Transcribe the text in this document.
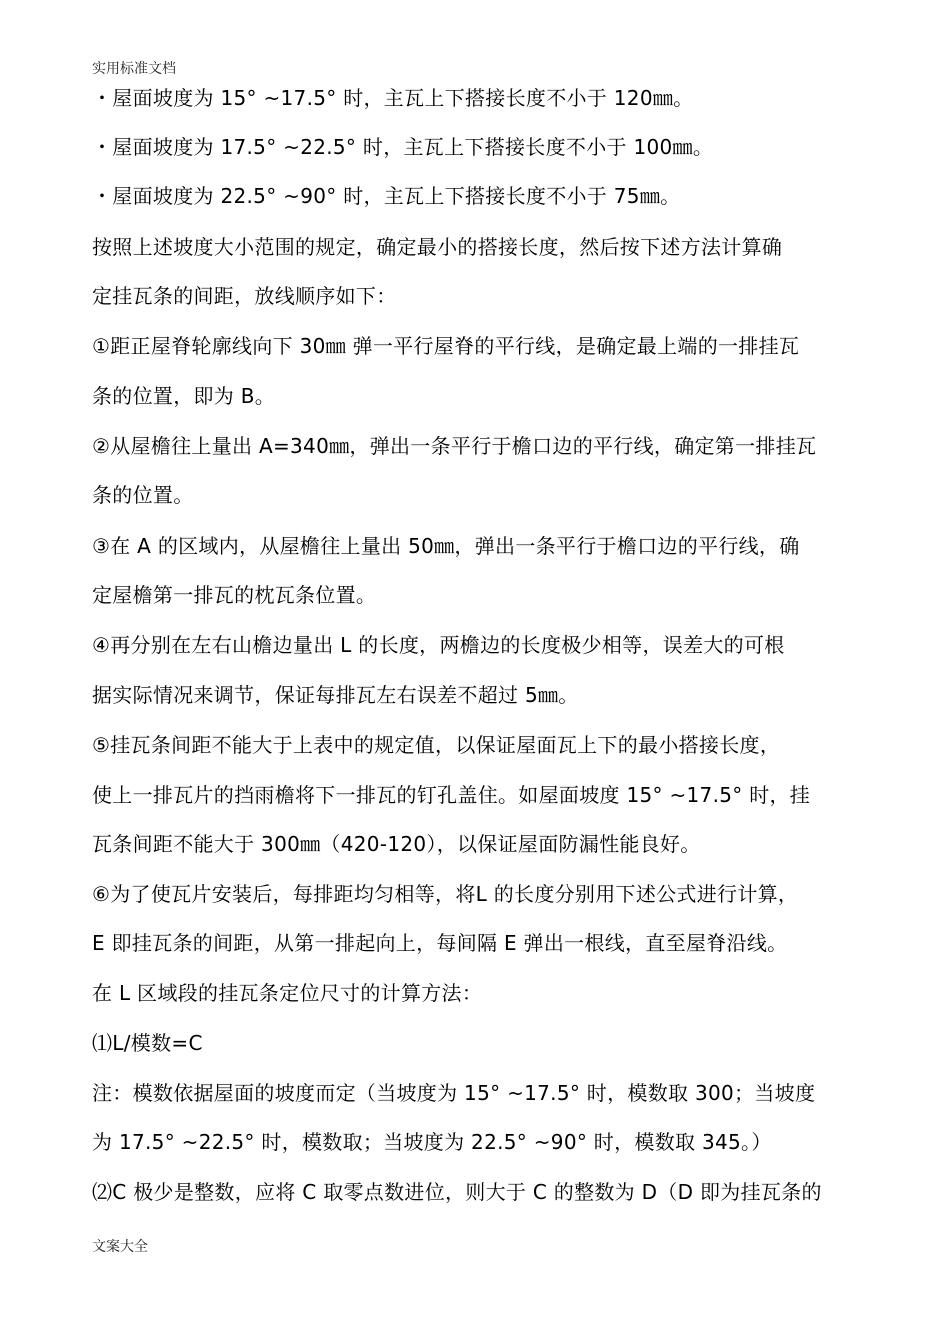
实用标准文档
・屋面坡度为 15° ~17.5° 时，主瓦上下搭接长度不小于 120㎜。
・屋面坡度为 17.5° ~22.5° 时，主瓦上下搭接长度不小于 100㎜。
・屋面坡度为 22.5° ~90° 时，主瓦上下搭接长度不小于 75㎜。
按照上述坡度大小范围的规定，确定最小的搭接长度，然后按下述方法计算确
定挂瓦条的间距，放线顺序如下：
①距正屋脊轮廓线向下 30㎜ 弹一平行屋脊的平行线，是确定最上端的一排挂瓦
条的位置，即为 B。
②从屋檐往上量出 A=340㎜，弹出一条平行于檐口边的平行线，确定第一排挂瓦
条的位置。
③在 A 的区域内，从屋檐往上量出 50㎜，弹出一条平行于檐口边的平行线，确
定屋檐第一排瓦的枕瓦条位置。
④再分别在左右山檐边量出 L 的长度，两檐边的长度极少相等，误差大的可根
据实际情况来调节，保证每排瓦左右误差不超过 5㎜。
⑤挂瓦条间距不能大于上表中的规定值，以保证屋面瓦上下的最小搭接长度，
使上一排瓦片的挡雨檐将下一排瓦的钉孔盖住。如屋面坡度 15° ~17.5° 时，挂
瓦条间距不能大于 300㎜（420-120），以保证屋面防漏性能良好。
⑥为了使瓦片安装后，每排距均匀相等，将L 的长度分别用下述公式进行计算，
E 即挂瓦条的间距，从第一排起向上，每间隔 E 弹出一根线，直至屋脊沿线。
在 L 区域段的挂瓦条定位尺寸的计算方法：
⑴L/模数=C
注：模数依据屋面的坡度而定（当坡度为 15° ~17.5° 时，模数取 300；当坡度
为 17.5° ~22.5° 时，模数取；当坡度为 22.5° ~90° 时，模数取 345。）
⑵C 极少是整数，应将 C 取零点数进位，则大于 C 的整数为 D（D 即为挂瓦条的
文案大全
